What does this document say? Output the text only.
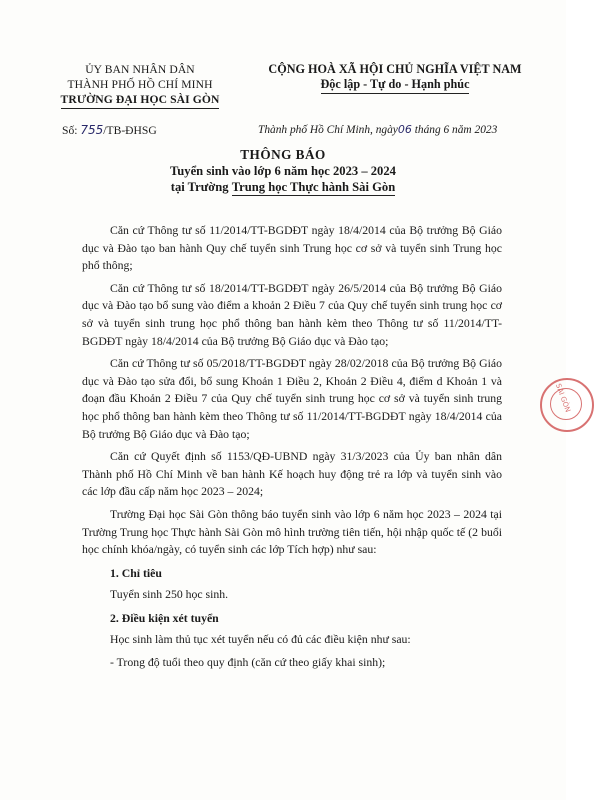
ỦY BAN NHÂN DÂN
THÀNH PHỐ HỒ CHÍ MINH
TRƯỜNG ĐẠI HỌC SÀI GÒN
CỘNG HOÀ XÃ HỘI CHỦ NGHĨA VIỆT NAM
Độc lập - Tự do - Hạnh phúc
Số: 755/TB-ĐHSG	Thành phố Hồ Chí Minh, ngày06 tháng 6 năm 2023
THÔNG BÁO
Tuyển sinh vào lớp 6 năm học 2023 – 2024
tại Trường Trung học Thực hành Sài Gòn

Căn cứ Thông tư số 11/2014/TT-BGDĐT ngày 18/4/2014 của Bộ trưởng Bộ Giáo dục và Đào tạo ban hành Quy chế tuyển sinh Trung học cơ sở và tuyển sinh Trung học phổ thông;

Căn cứ Thông tư số 18/2014/TT-BGDĐT ngày 26/5/2014 của Bộ trưởng Bộ Giáo dục và Đào tạo bổ sung vào điểm a khoản 2 Điều 7 của Quy chế tuyển sinh trung học cơ sở và tuyển sinh trung học phổ thông ban hành kèm theo Thông tư số 11/2014/TT-BGDĐT ngày 18/4/2014 của Bộ trưởng Bộ Giáo dục và Đào tạo;

Căn cứ Thông tư số 05/2018/TT-BGDĐT ngày 28/02/2018 của Bộ trưởng Bộ Giáo dục và Đào tạo sửa đổi, bổ sung Khoản 1 Điều 2, Khoản 2 Điều 4, điểm d Khoản 1 và đoạn đầu Khoản 2 Điều 7 của Quy chế tuyển sinh trung học cơ sở và tuyển sinh trung học phổ thông ban hành kèm theo Thông tư số 11/2014/TT-BGDĐT ngày 18/4/2014 của Bộ trưởng Bộ Giáo dục và Đào tạo;

Căn cứ Quyết định số 1153/QĐ-UBND ngày 31/3/2023 của Ủy ban nhân dân Thành phố Hồ Chí Minh về ban hành Kế hoạch huy động trẻ ra lớp và tuyển sinh vào các lớp đầu cấp năm học 2023 – 2024;

Trường Đại học Sài Gòn thông báo tuyển sinh vào lớp 6 năm học 2023 – 2024 tại Trường Trung học Thực hành Sài Gòn mô hình trường tiên tiến, hội nhập quốc tế (2 buổi học chính khóa/ngày, có tuyển sinh các lớp Tích hợp) như sau:

1. Chỉ tiêu

Tuyển sinh 250 học sinh.

2. Điều kiện xét tuyển

Học sinh làm thủ tục xét tuyển nếu có đủ các điều kiện như sau:

- Trong độ tuổi theo quy định (căn cứ theo giấy khai sinh);

SÀI GÒN
